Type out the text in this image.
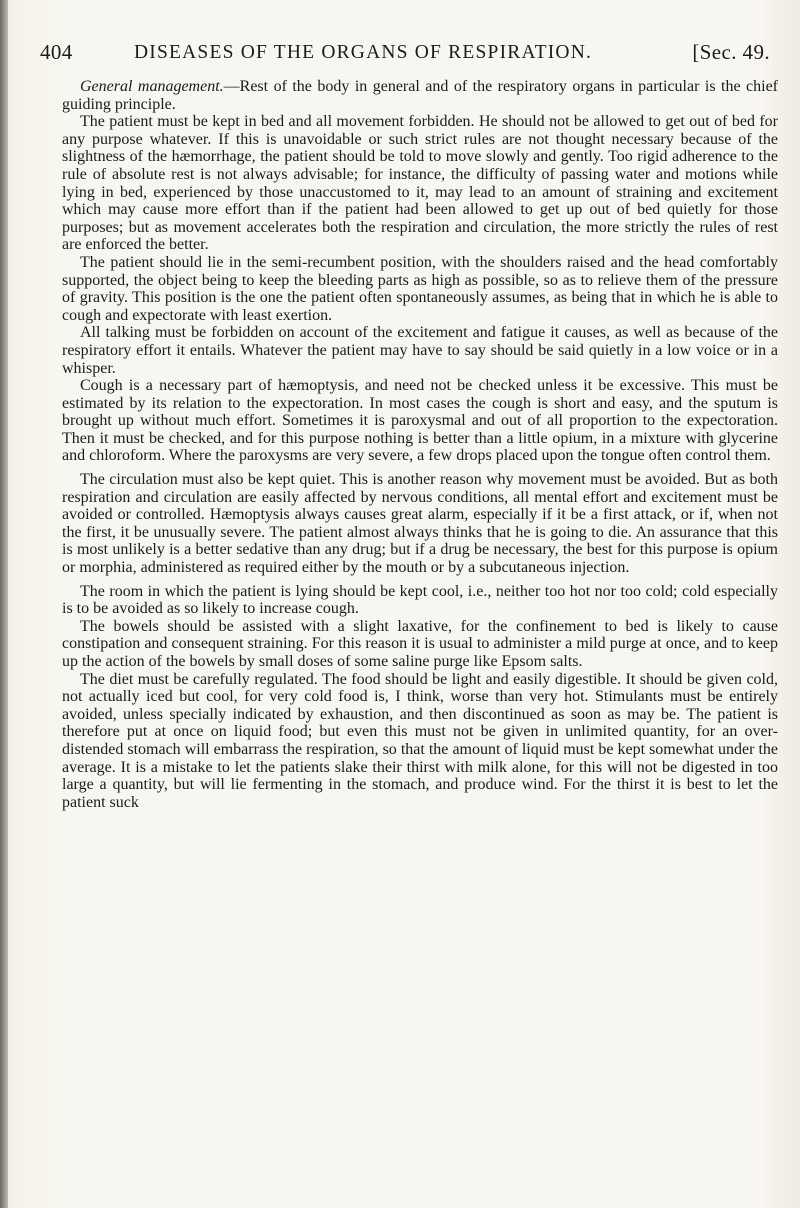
404	DISEASES OF THE ORGANS OF RESPIRATION.	[Sec. 49.

General management.—Rest of the body in general and of the respiratory organs in particular is the chief guiding principle.

The patient must be kept in bed and all movement forbidden. He should not be allowed to get out of bed for any purpose whatever. If this is unavoidable or such strict rules are not thought necessary because of the slightness of the hæmorrhage, the patient should be told to move slowly and gently. Too rigid adherence to the rule of absolute rest is not always advisable; for instance, the difficulty of passing water and motions while lying in bed, experienced by those unaccustomed to it, may lead to an amount of straining and excitement which may cause more effort than if the patient had been allowed to get up out of bed quietly for those purposes; but as movement accelerates both the respiration and circulation, the more strictly the rules of rest are enforced the better.

The patient should lie in the semi-recumbent position, with the shoulders raised and the head comfortably supported, the object being to keep the bleeding parts as high as possible, so as to relieve them of the pressure of gravity. This position is the one the patient often spontaneously assumes, as being that in which he is able to cough and expectorate with least exertion.

All talking must be forbidden on account of the excitement and fatigue it causes, as well as because of the respiratory effort it entails. Whatever the patient may have to say should be said quietly in a low voice or in a whisper.

Cough is a necessary part of hæmoptysis, and need not be checked unless it be excessive. This must be estimated by its relation to the expectoration. In most cases the cough is short and easy, and the sputum is brought up without much effort. Sometimes it is paroxysmal and out of all proportion to the expectoration. Then it must be checked, and for this purpose nothing is better than a little opium, in a mixture with glycerine and chloroform. Where the paroxysms are very severe, a few drops placed upon the tongue often control them.

The circulation must also be kept quiet. This is another reason why movement must be avoided. But as both respiration and circulation are easily affected by nervous conditions, all mental effort and excitement must be avoided or controlled. Hæmoptysis always causes great alarm, especially if it be a first attack, or if, when not the first, it be unusually severe. The patient almost always thinks that he is going to die. An assurance that this is most unlikely is a better sedative than any drug; but if a drug be necessary, the best for this purpose is opium or morphia, administered as required either by the mouth or by a subcutaneous injection.

The room in which the patient is lying should be kept cool, i.e., neither too hot nor too cold; cold especially is to be avoided as so likely to increase cough.

The bowels should be assisted with a slight laxative, for the confinement to bed is likely to cause constipation and consequent straining. For this reason it is usual to administer a mild purge at once, and to keep up the action of the bowels by small doses of some saline purge like Epsom salts.

The diet must be carefully regulated. The food should be light and easily digestible. It should be given cold, not actually iced but cool, for very cold food is, I think, worse than very hot. Stimulants must be entirely avoided, unless specially indicated by exhaustion, and then discontinued as soon as may be. The patient is therefore put at once on liquid food; but even this must not be given in unlimited quantity, for an over-distended stomach will embarrass the respiration, so that the amount of liquid must be kept somewhat under the average. It is a mistake to let the patients slake their thirst with milk alone, for this will not be digested in too large a quantity, but will lie fermenting in the stomach, and produce wind. For the thirst it is best to let the patient suck
